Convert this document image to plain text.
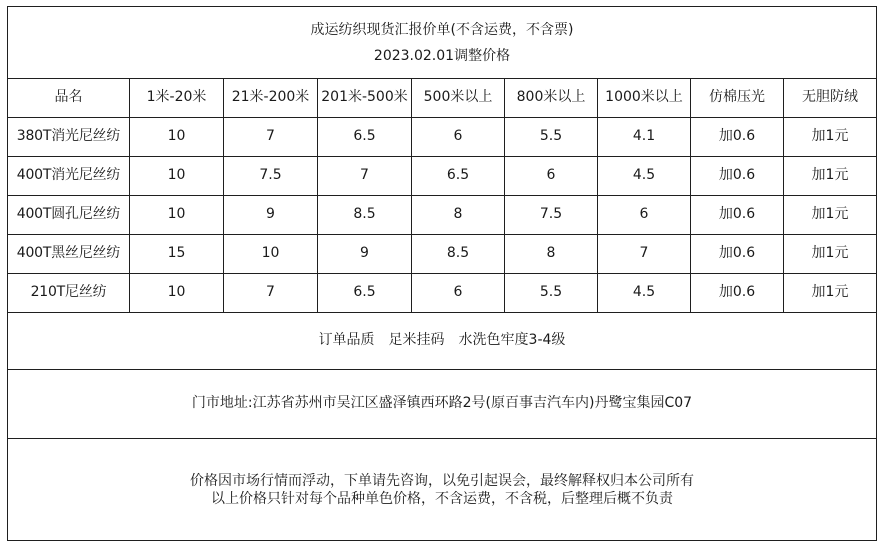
成运纺织现货汇报价单(不含运费，不含票)
2023.02.01调整价格								

品名	1米-20米	21米-200米	201米-500米	500米以上	800米以上	1000米以上	仿棉压光	无胆防绒
380T消光尼丝纺	10	7	6.5	6	5.5	4.1	加0.6	加1元
400T消光尼丝纺	10	7.5	7	6.5	6	4.5	加0.6	加1元
400T圆孔尼丝纺	10	9	8.5	8	7.5	6	加0.6	加1元
400T黑丝尼丝纺	15	10	9	8.5	8	7	加0.6	加1元
210T尼丝纺	10	7	6.5	6	5.5	4.5	加0.6	加1元

订单品质　足米挂码　水洗色牢度3-4级								

门市地址:江苏省苏州市吴江区盛泽镇西环路2号(原百事吉汽车内)丹鹭宝集园C07								

价格因市场行情而浮动，下单请先咨询，以免引起误会，最终解释权归本公司所有
以上价格只针对每个品种单色价格，不含运费，不含税，后整理后概不负责								
